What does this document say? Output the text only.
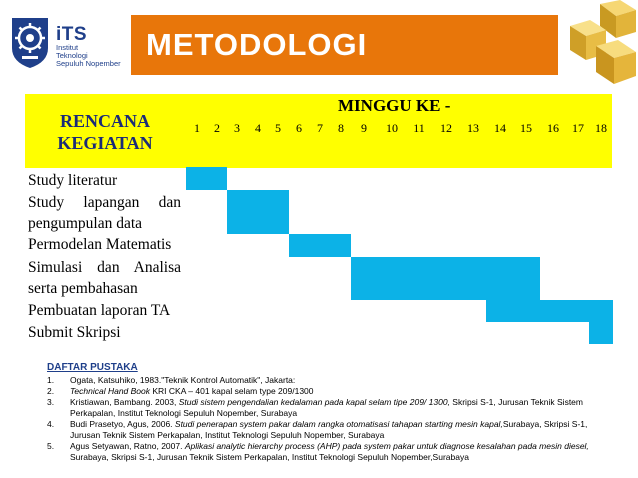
iTS
Institut
Teknologi
Sepuluh Nopember
METODOLOGI
RENCANA
KEGIATAN
MINGGU KE -
1	2	3	4	5	6	7	8	9	10	11	12	13	14	15	16	17 18
Study literatur
Study lapangan dan
pengumpulan data
Permodelan Matematis
Simulasi dan Analisa
serta pembahasan
Pembuatan laporan TA
Submit Skripsi
DAFTAR PUSTAKA
1. Ogata, Katsuhiko, 1983."Teknik Kontrol Automatik", Jakarta:
2. Technical Hand Book KRI CKA – 401 kapal selam type 209/1300
3. Kristiawan, Bambang. 2003, Studi sistem pengendalian kedalaman pada kapal selam tipe 209/ 1300, Skripsi S-1, Jurusan Teknik Sistem Perkapalan, Institut Teknologi Sepuluh Nopember, Surabaya
4. Budi Prasetyo, Agus, 2006. Studi penerapan system pakar dalam rangka otomatisasi tahapan starting mesin kapal,Surabaya, Skripsi S-1, Jurusan Teknik Sistem Perkapalan, Institut Teknologi Sepuluh Nopember, Surabaya
5. Agus Setyawan, Ratno, 2007. Aplikasi analytic hierarchy process (AHP) pada system pakar untuk diagnose kesalahan pada mesin diesel, Surabaya, Skripsi S-1, Jurusan Teknik Sistem Perkapalan, Institut Teknologi Sepuluh Nopember,Surabaya
